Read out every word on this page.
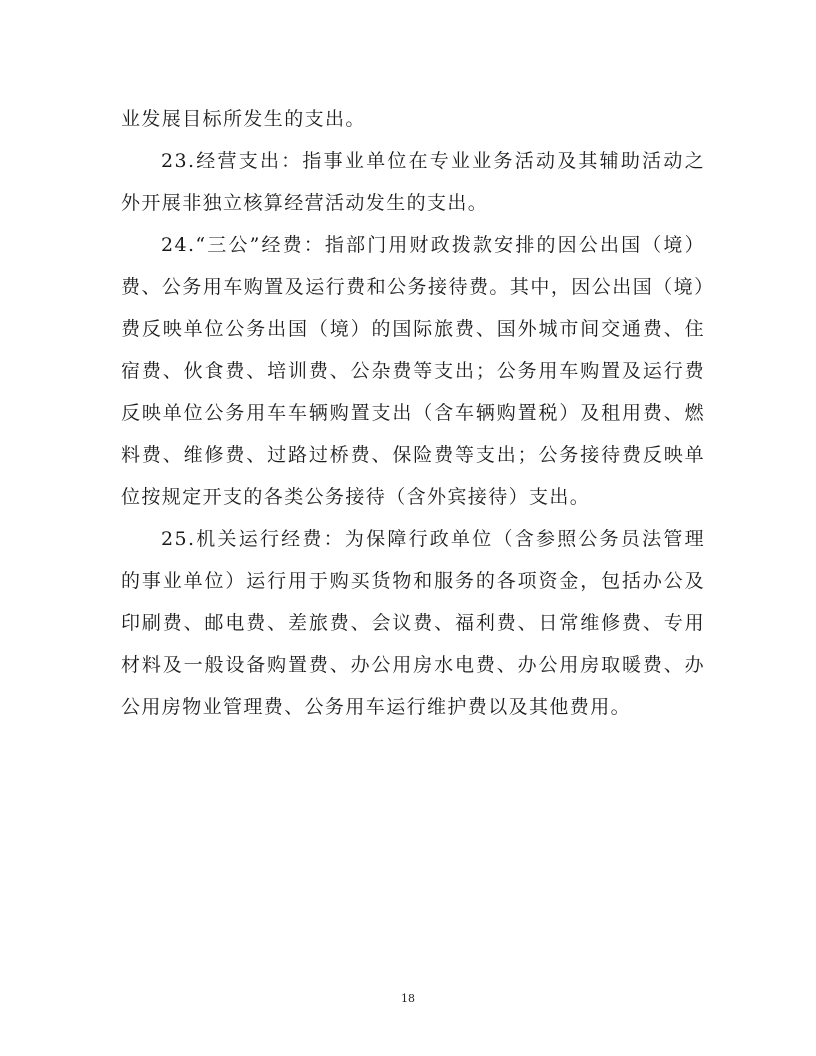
业发展目标所发生的支出。

23.经营支出：指事业单位在专业业务活动及其辅助活动之外开展非独立核算经营活动发生的支出。

24.“三公”经费：指部门用财政拨款安排的因公出国（境）费、公务用车购置及运行费和公务接待费。其中，因公出国（境）费反映单位公务出国（境）的国际旅费、国外城市间交通费、住宿费、伙食费、培训费、公杂费等支出；公务用车购置及运行费反映单位公务用车车辆购置支出（含车辆购置税）及租用费、燃料费、维修费、过路过桥费、保险费等支出；公务接待费反映单位按规定开支的各类公务接待（含外宾接待）支出。

25.机关运行经费：为保障行政单位（含参照公务员法管理的事业单位）运行用于购买货物和服务的各项资金，包括办公及印刷费、邮电费、差旅费、会议费、福利费、日常维修费、专用材料及一般设备购置费、办公用房水电费、办公用房取暖费、办公用房物业管理费、公务用车运行维护费以及其他费用。

18
